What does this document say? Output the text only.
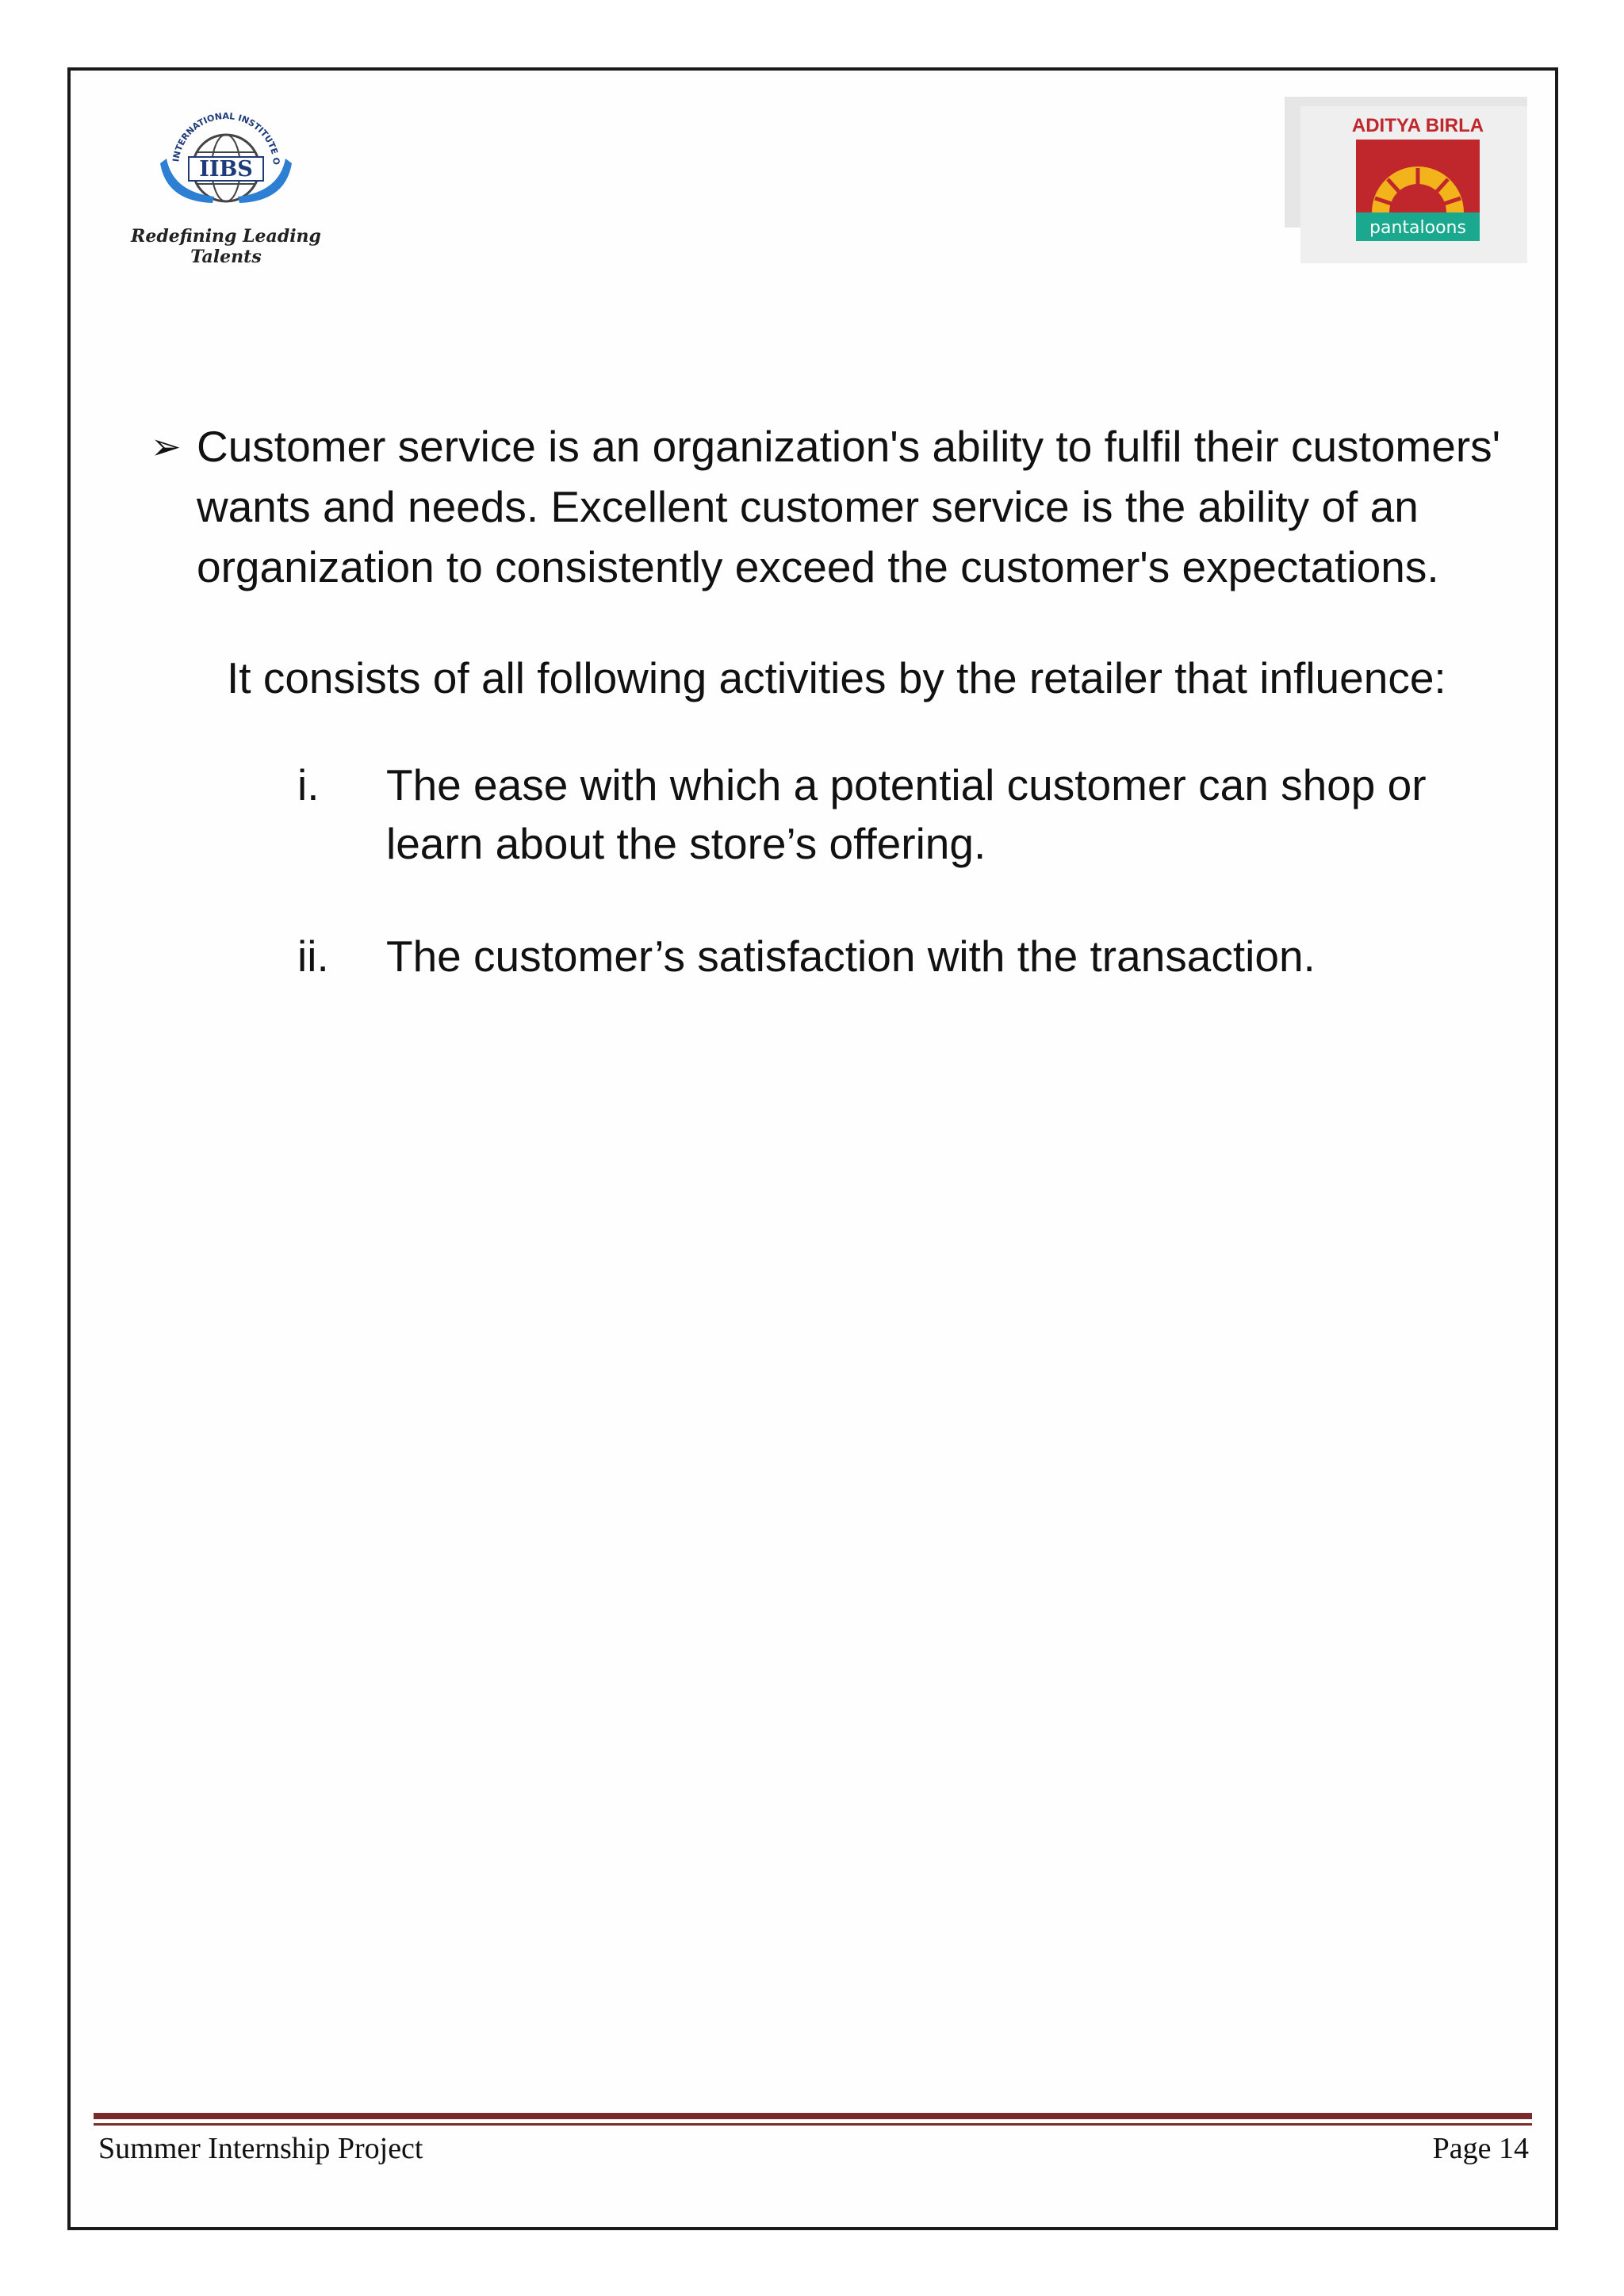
INTERNATIONAL INSTITUTE O
IIBS
Redefining Leading Talents
ADITYA BIRLA
pantaloons
➢ Customer service is an organization's ability to fulfil their customers' wants and needs. Excellent customer service is the ability of an organization to consistently exceed the customer's expectations.
It consists of all following activities by the retailer that influence:
i. The ease with which a potential customer can shop or learn about the store’s offering.
ii. The customer’s satisfaction with the transaction.
Summer Internship Project	Page 14
